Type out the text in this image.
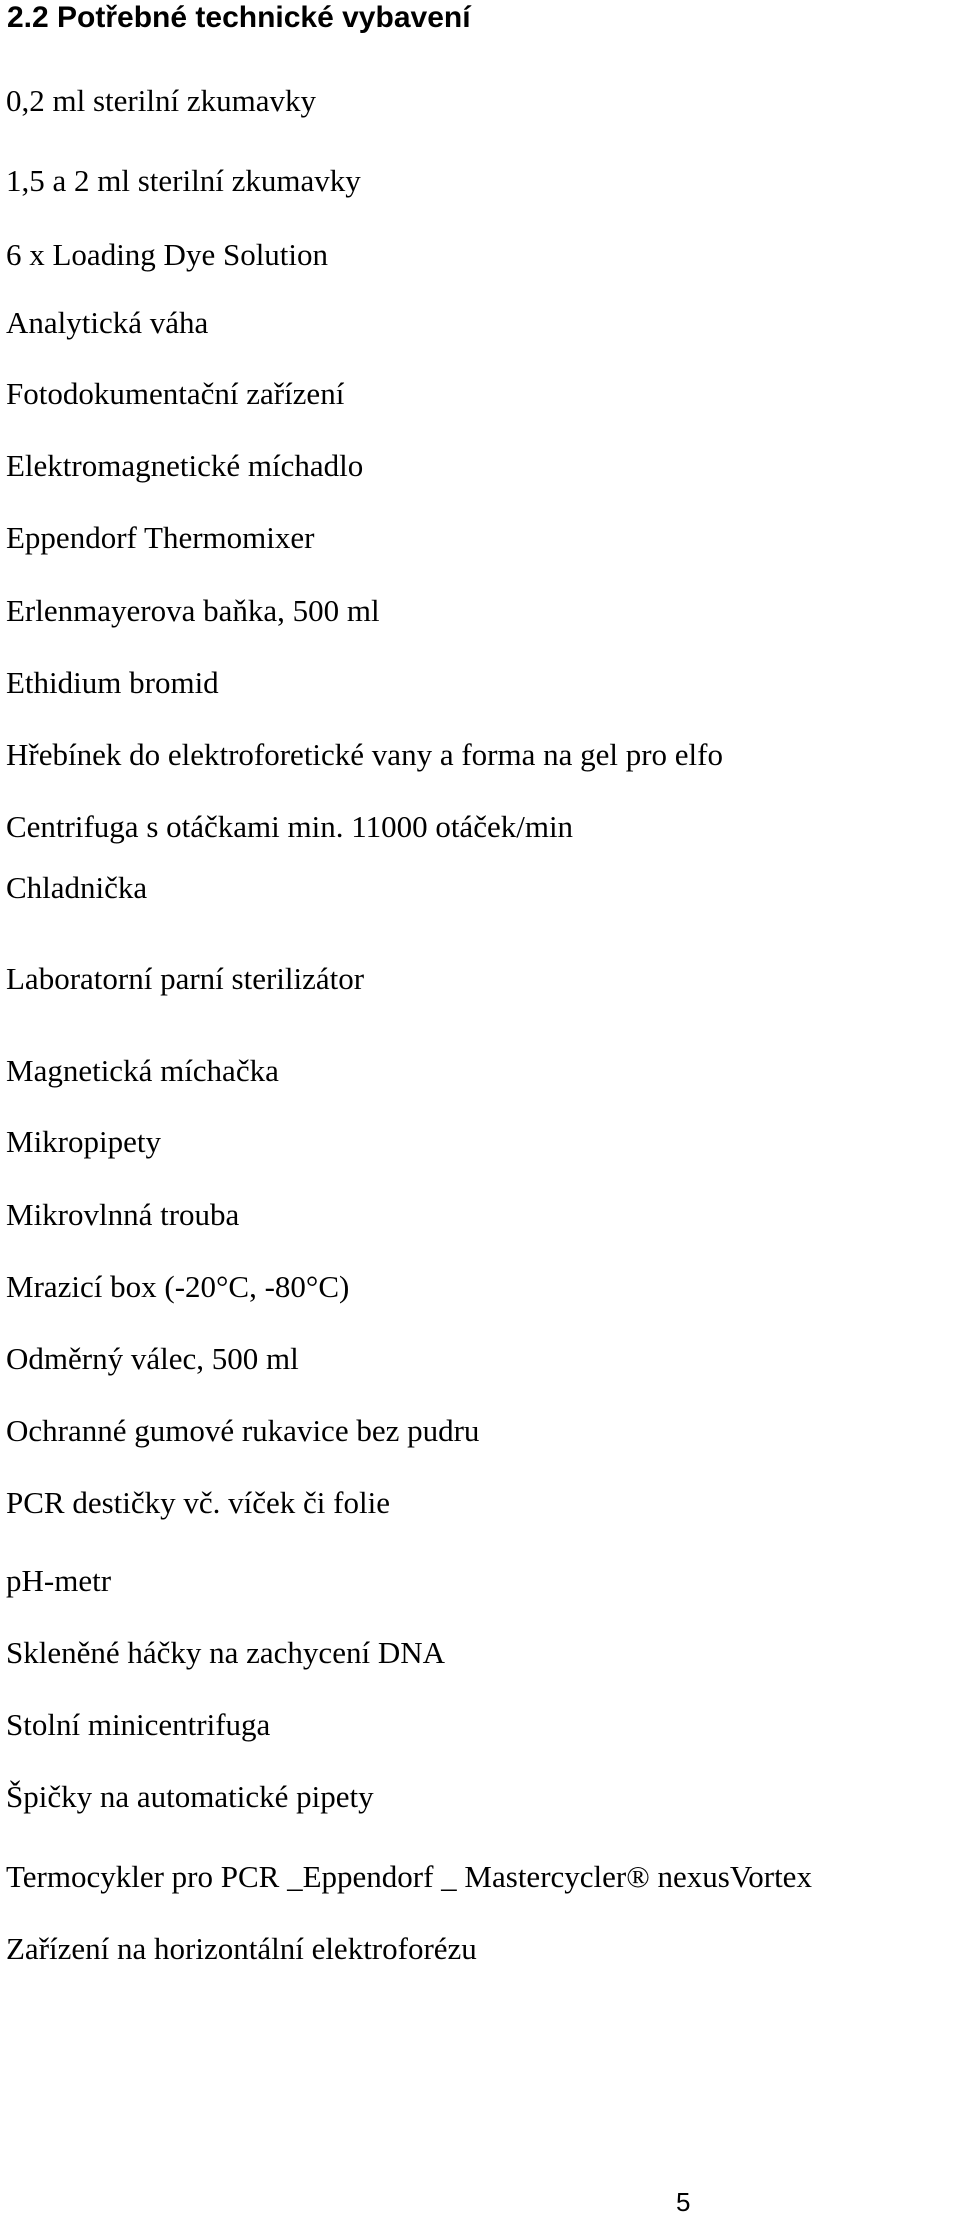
2.2 Potřebné technické vybavení
0,2 ml sterilní zkumavky
1,5 a 2 ml sterilní zkumavky
6 x Loading Dye Solution
Analytická váha
Fotodokumentační zařízení
Elektromagnetické míchadlo
Eppendorf Thermomixer
Erlenmayerova baňka, 500 ml
Ethidium bromid
Hřebínek do elektroforetické vany a forma na gel pro elfo
Centrifuga s otáčkami min. 11000 otáček/min
Chladnička
Laboratorní parní sterilizátor
Magnetická míchačka
Mikropipety
Mikrovlnná trouba
Mrazicí box (-20°C, -80°C)
Odměrný válec, 500 ml
Ochranné gumové rukavice bez pudru
PCR destičky vč. víček či folie
pH-metr
Skleněné háčky na zachycení DNA
Stolní minicentrifuga
Špičky na automatické pipety
Termocykler pro PCR _Eppendorf _ Mastercycler® nexusVortex
Zařízení na horizontální elektroforézu
5
